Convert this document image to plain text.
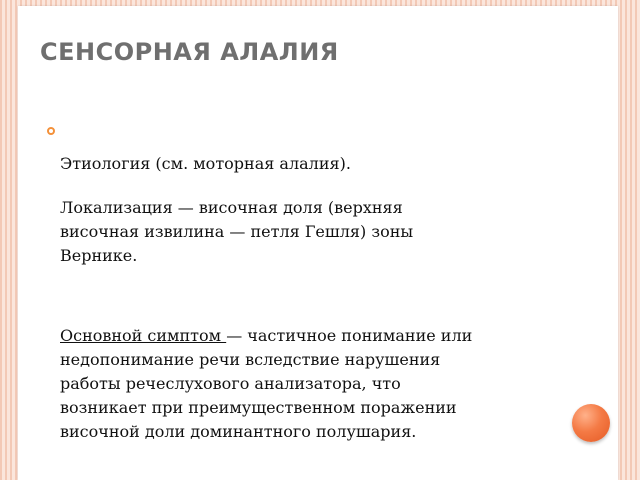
СЕНСОРНАЯ АЛАЛИЯ
Этиология (см. моторная алалия).
Локализация — височная доля (верхняя
височная извилина — петля Гешля) зоны
Вернике.
Основной симптом — частичное понимание или
недопонимание речи вследствие нарушения
работы речеслухового анализатора, что
возникает при преимущественном поражении
височной доли доминантного полушария.
